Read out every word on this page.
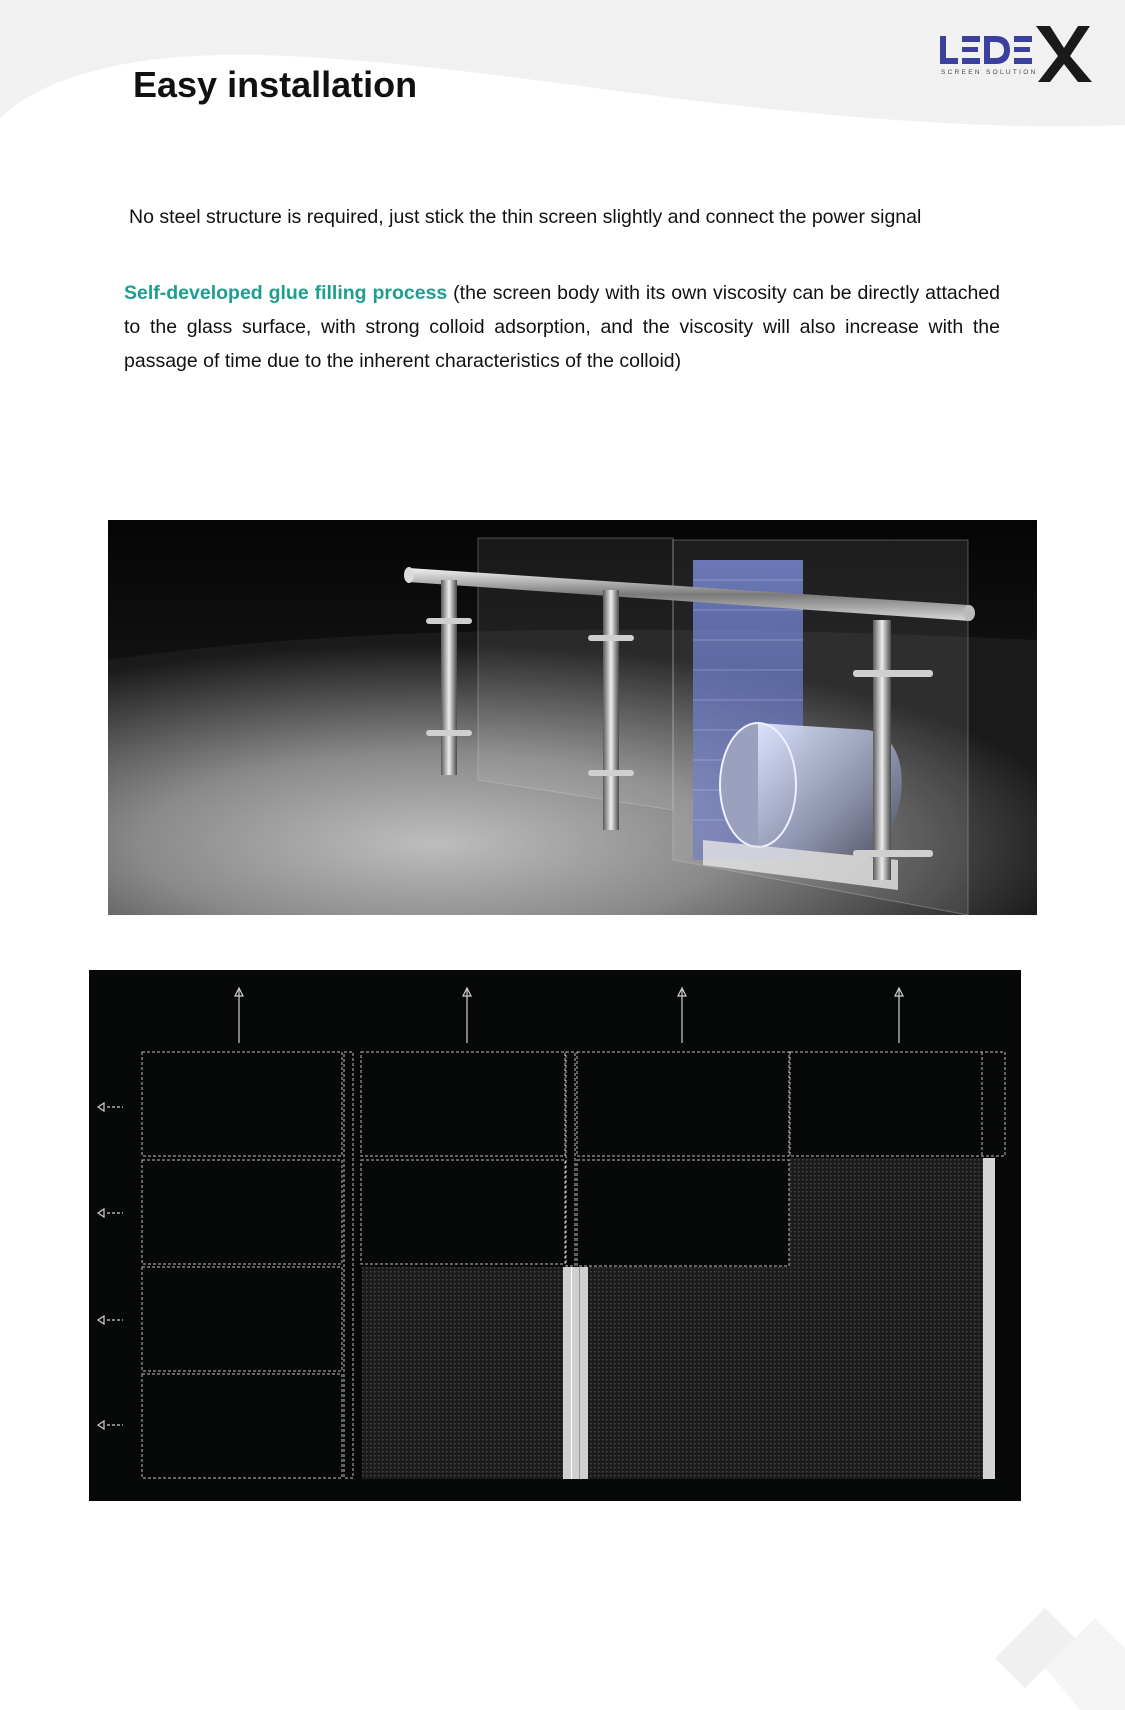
Easy installation	SCREEN SOLUTION

No steel structure is required, just stick the thin screen slightly and connect the power signal

Self-developed glue filling process (the screen body with its own viscosity can be directly attached to the glass surface, with strong colloid adsorption, and the viscosity will also increase with the passage of time due to the inherent characteristics of the colloid)
